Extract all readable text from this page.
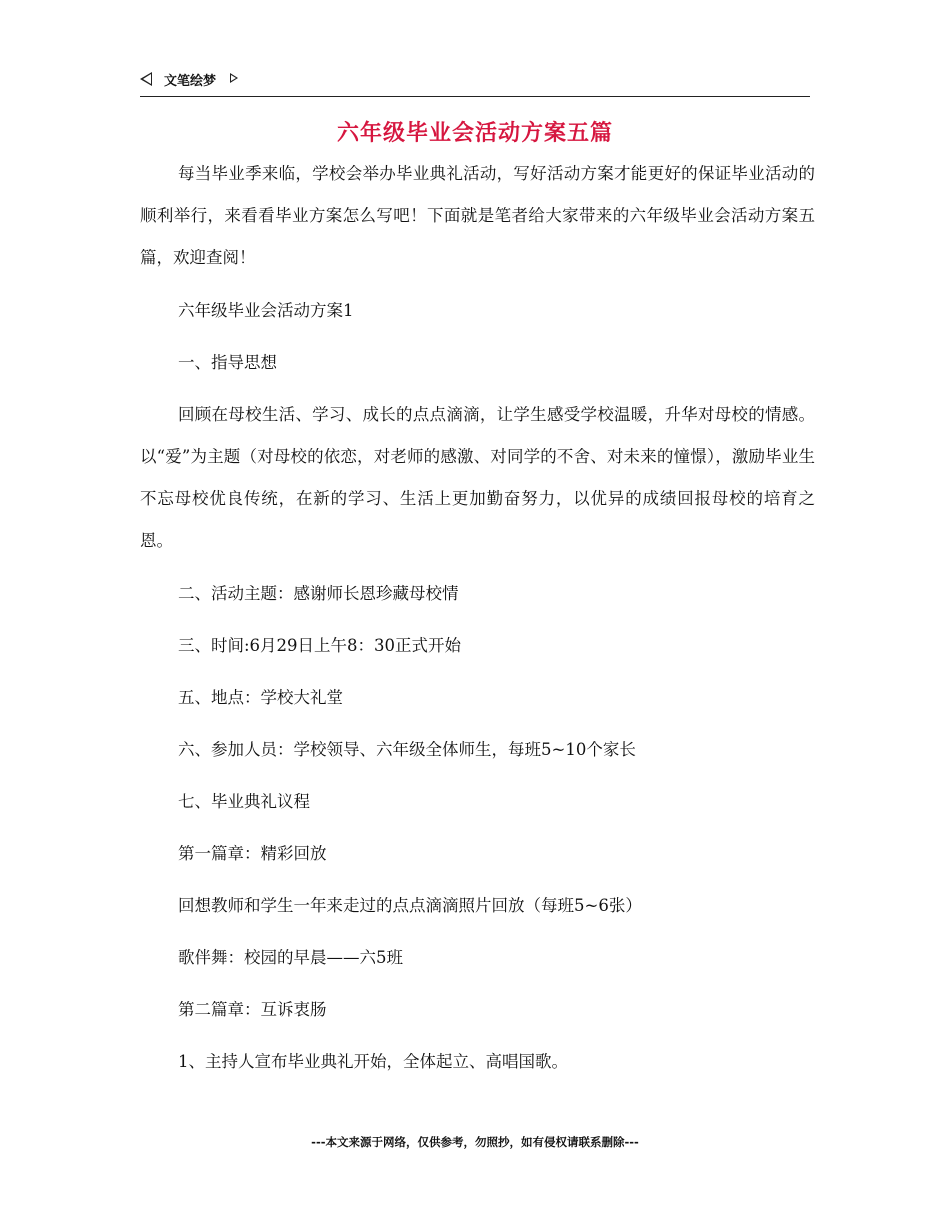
文笔绘梦
六年级毕业会活动方案五篇

每当毕业季来临，学校会举办毕业典礼活动，写好活动方案才能更好的保证毕业活动的顺利举行，来看看毕业方案怎么写吧！下面就是笔者给大家带来的六年级毕业会活动方案五篇，欢迎查阅！

六年级毕业会活动方案1

一、指导思想

回顾在母校生活、学习、成长的点点滴滴，让学生感受学校温暖，升华对母校的情感。以“爱”为主题（对母校的依恋，对老师的感激、对同学的不舍、对未来的憧憬），激励毕业生不忘母校优良传统，在新的学习、生活上更加勤奋努力，以优异的成绩回报母校的培育之恩。

二、活动主题：感谢师长恩珍藏母校情

三、时间:6月29日上午8：30正式开始

五、地点：学校大礼堂

六、参加人员：学校领导、六年级全体师生，每班5~10个家长

七、毕业典礼议程

第一篇章：精彩回放

回想教师和学生一年来走过的点点滴滴照片回放（每班5~6张）

歌伴舞：校园的早晨——六5班

第二篇章：互诉衷肠

1、主持人宣布毕业典礼开始，全体起立、高唱国歌。

---本文来源于网络，仅供参考，勿照抄，如有侵权请联系删除---
